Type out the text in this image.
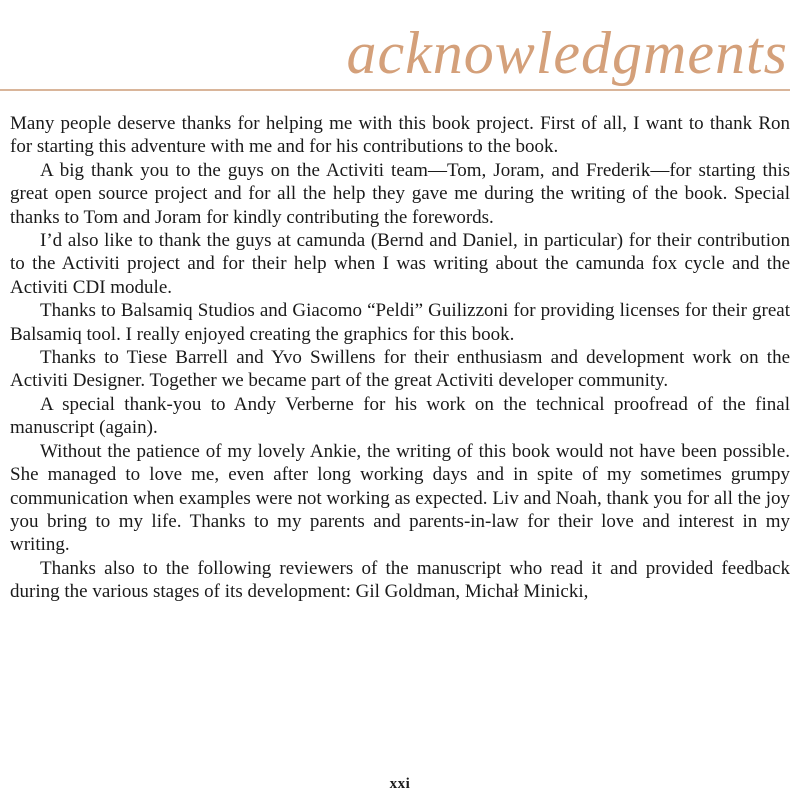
acknowledgments

Many people deserve thanks for helping me with this book project. First of all, I want to thank Ron for starting this adventure with me and for his contributions to the book.

A big thank you to the guys on the Activiti team—Tom, Joram, and Frederik—for starting this great open source project and for all the help they gave me during the writing of the book. Special thanks to Tom and Joram for kindly contributing the forewords.

I’d also like to thank the guys at camunda (Bernd and Daniel, in particular) for their contribution to the Activiti project and for their help when I was writing about the camunda fox cycle and the Activiti CDI module.

Thanks to Balsamiq Studios and Giacomo “Peldi” Guilizzoni for providing licenses for their great Balsamiq tool. I really enjoyed creating the graphics for this book.

Thanks to Tiese Barrell and Yvo Swillens for their enthusiasm and development work on the Activiti Designer. Together we became part of the great Activiti developer community.

A special thank-you to Andy Verberne for his work on the technical proofread of the final manuscript (again).

Without the patience of my lovely Ankie, the writing of this book would not have been possible. She managed to love me, even after long working days and in spite of my sometimes grumpy communication when examples were not working as expected. Liv and Noah, thank you for all the joy you bring to my life. Thanks to my parents and parents-in-law for their love and interest in my writing.

Thanks also to the following reviewers of the manuscript who read it and provided feedback during the various stages of its development: Gil Goldman, Michał Minicki,

xxi
